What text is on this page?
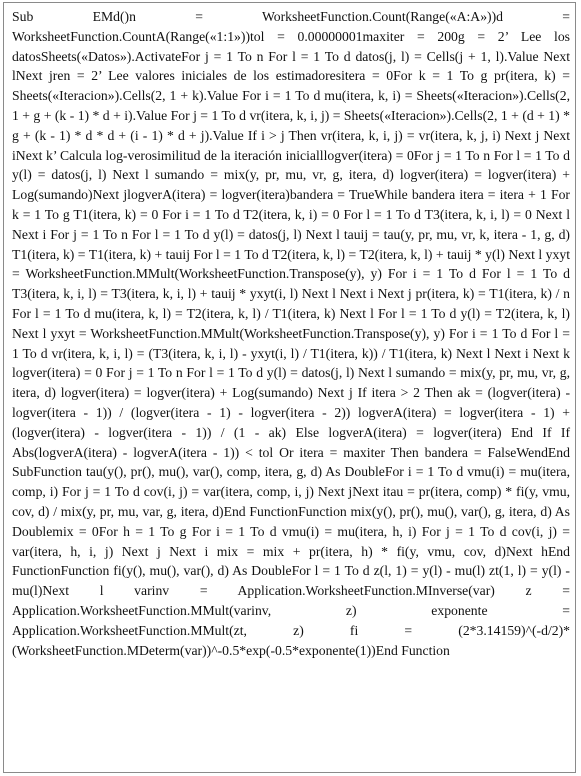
Sub EMd()n = WorksheetFunction.Count(Range(«A:A»))d = WorksheetFunction.CountA(Range(«1:1»))tol = 0.00000001maxiter = 200g = 2’ Lee los datosSheets(«Datos»).ActivateFor j = 1 To n For l = 1 To d datos(j, l) = Cells(j + 1, l).Value Next lNext jren = 2’ Lee valores iniciales de los estimadoresitera = 0For k = 1 To g pr(itera, k) = Sheets(«Iteracion»).Cells(2, 1 + k).Value For i = 1 To d mu(itera, k, i) = Sheets(«Iteracion»).Cells(2, 1 + g + (k - 1) * d + i).Value For j = 1 To d vr(itera, k, i, j) = Sheets(«Iteracion»).Cells(2, 1 + (d + 1) * g + (k - 1) * d * d + (i - 1) * d + j).Value If i > j Then vr(itera, k, i, j) = vr(itera, k, j, i) Next j Next iNext k’ Calcula log-verosimilitud de la iteración inicialllogver(itera) = 0For j = 1 To n For l = 1 To d y(l) = datos(j, l) Next l sumando = mix(y, pr, mu, vr, g, itera, d) logver(itera) = logver(itera) + Log(sumando)Next jlogverA(itera) = logver(itera)bandera = TrueWhile bandera itera = itera + 1 For k = 1 To g T1(itera, k) = 0 For i = 1 To d T2(itera, k, i) = 0 For l = 1 To d T3(itera, k, i, l) = 0 Next l Next i For j = 1 To n For l = 1 To d y(l) = datos(j, l) Next l tauij = tau(y, pr, mu, vr, k, itera - 1, g, d) T1(itera, k) = T1(itera, k) + tauij For l = 1 To d T2(itera, k, l) = T2(itera, k, l) + tauij * y(l) Next l yxyt = WorksheetFunction.MMult(WorksheetFunction.Transpose(y), y) For i = 1 To d For l = 1 To d T3(itera, k, i, l) = T3(itera, k, i, l) + tauij * yxyt(i, l) Next l Next i Next j pr(itera, k) = T1(itera, k) / n For l = 1 To d mu(itera, k, l) = T2(itera, k, l) / T1(itera, k) Next l For l = 1 To d y(l) = T2(itera, k, l) Next l yxyt = WorksheetFunction.MMult(WorksheetFunction.Transpose(y), y) For i = 1 To d For l = 1 To d vr(itera, k, i, l) = (T3(itera, k, i, l) - yxyt(i, l) / T1(itera, k)) / T1(itera, k) Next l Next i Next k logver(itera) = 0 For j = 1 To n For l = 1 To d y(l) = datos(j, l) Next l sumando = mix(y, pr, mu, vr, g, itera, d) logver(itera) = logver(itera) + Log(sumando) Next j If itera > 2 Then ak = (logver(itera) - logver(itera - 1)) / (logver(itera - 1) - logver(itera - 2)) logverA(itera) = logver(itera - 1) + (logver(itera) - logver(itera - 1)) / (1 - ak) Else logverA(itera) = logver(itera) End If If Abs(logverA(itera) - logverA(itera - 1)) < tol Or itera = maxiter Then bandera = FalseWendEnd SubFunction tau(y(), pr(), mu(), var(), comp, itera, g, d) As DoubleFor i = 1 To d vmu(i) = mu(itera, comp, i) For j = 1 To d cov(i, j) = var(itera, comp, i, j) Next jNext itau = pr(itera, comp) * fi(y, vmu, cov, d) / mix(y, pr, mu, var, g, itera, d)End FunctionFunction mix(y(), pr(), mu(), var(), g, itera, d) As Doublemix = 0For h = 1 To g For i = 1 To d vmu(i) = mu(itera, h, i) For j = 1 To d cov(i, j) = var(itera, h, i, j) Next j Next i mix = mix + pr(itera, h) * fi(y, vmu, cov, d)Next hEnd FunctionFunction fi(y(), mu(), var(), d) As DoubleFor l = 1 To d z(l, 1) = y(l) - mu(l) zt(1, l) = y(l) - mu(l)Next l varinv = Application.WorksheetFunction.MInverse(var) z = Application.WorksheetFunction.MMult(varinv, z) exponente = Application.WorksheetFunction.MMult(zt, z) fi = (2*3.14159)^(-d/2)*(WorksheetFunction.MDeterm(var))^-0.5*exp(-0.5*exponente(1))End Function
